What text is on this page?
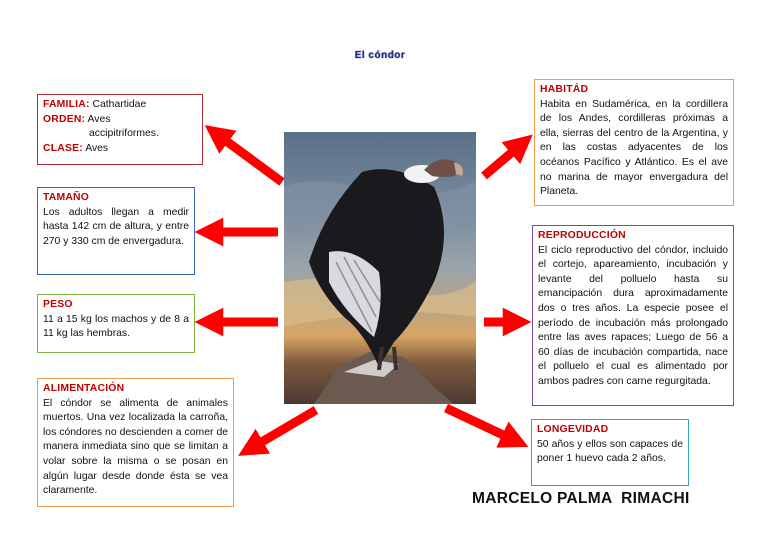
El cóndor
FAMILIA: Cathartidae
ORDEN: Aves
accipitriformes.
CLASE: Aves
TAMAÑO
Los adultos llegan a medir hasta 142 cm de altura, y entre 270 y 330 cm de envergadura.
PESO
11 a 15 kg los machos y de 8 a 11 kg las hembras.
ALIMENTACIÓN
El cóndor se alimenta de animales muertos. Una vez localizada la carroña, los cóndores no descienden a comer de manera inmediata sino que se limitan a volar sobre la misma o se posan en algún lugar desde donde ésta se vea claramente.
HABITÁD
Habita en Sudamérica, en la cordillera de los Andes, cordilleras próximas a ella, sierras del centro de la Argentina, y en las costas adyacentes de los océanos Pacífico y Atlántico. Es el ave no marina de mayor envergadura del Planeta.
REPRODUCCIÓN
El ciclo reproductivo del cóndor, incluido el cortejo, apareamiento, incubación y levante del polluelo hasta su emancipación dura aproximadamente dos o tres años. La especie posee el período de incubación más prolongado entre las aves rapaces; Luego de 56 a 60 días de incubación compartida, nace el polluelo el cual es alimentado por ambos padres con carne regurgitada.
LONGEVIDAD
50 años y ellos son capaces de poner 1 huevo cada 2 años.
MARCELO PALMA  RIMACHI
